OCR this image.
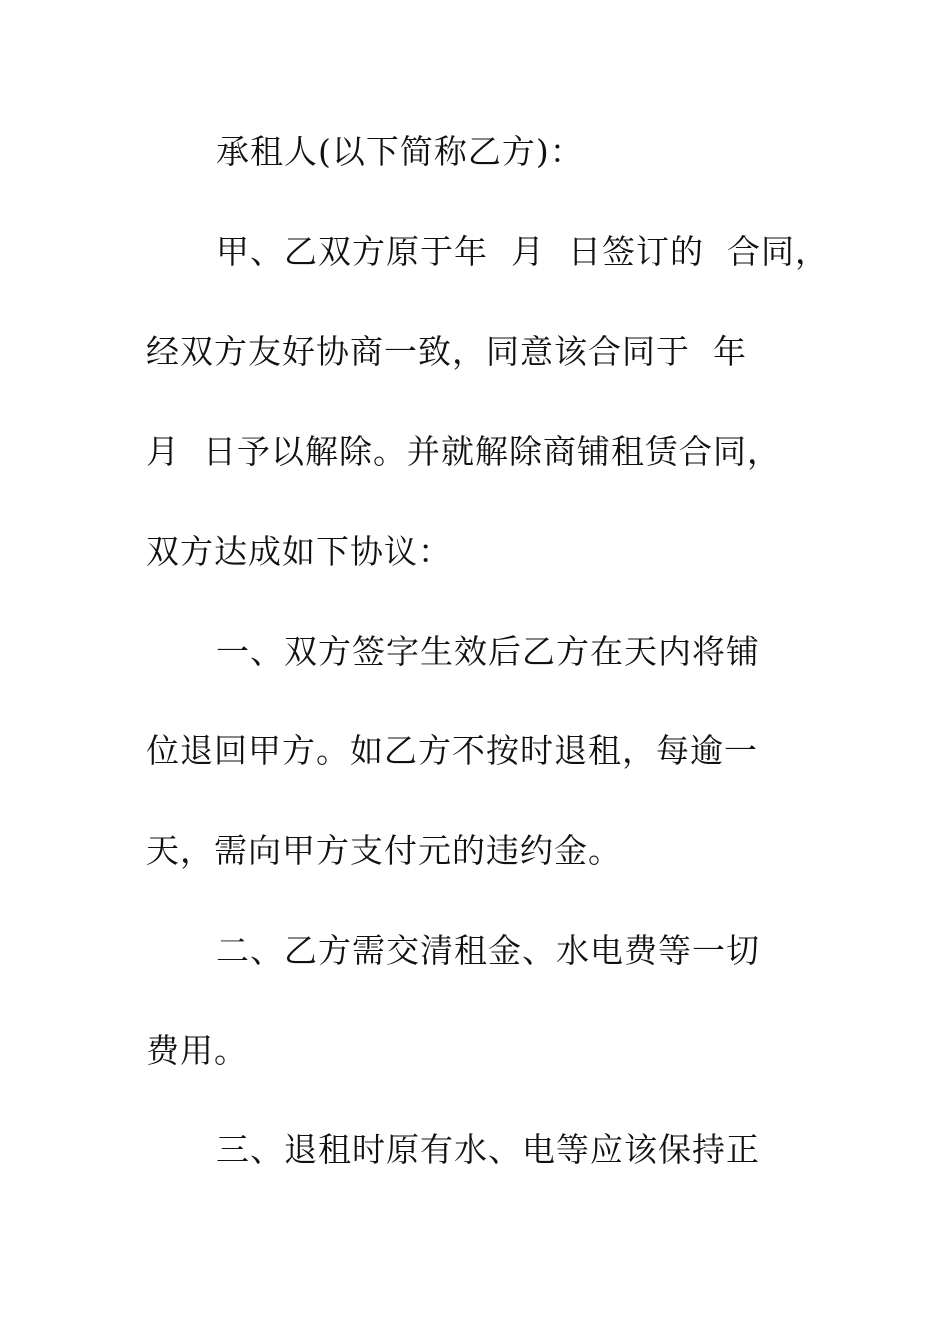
承租人(以下简称乙方)：
甲、乙双方原于年  月  日签订的  合同，
经双方友好协商一致，同意该合同于  年
月  日予以解除。并就解除商铺租赁合同，
双方达成如下协议：
一、双方签字生效后乙方在天内将铺
位退回甲方。如乙方不按时退租，每逾一
天，需向甲方支付元的违约金。
二、乙方需交清租金、水电费等一切
费用。
三、退租时原有水、电等应该保持正
